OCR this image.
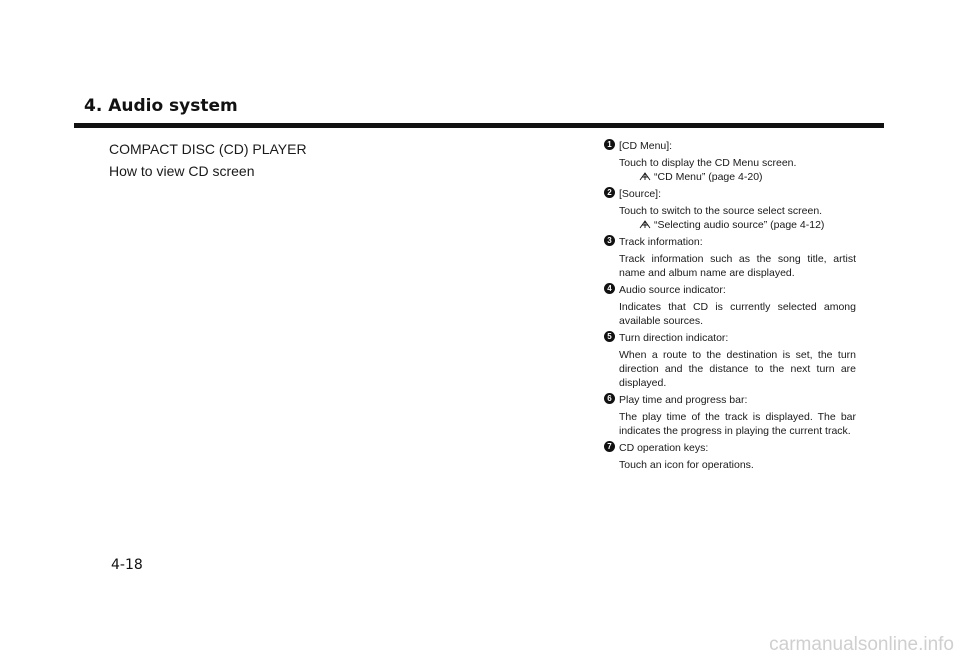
4. Audio system
COMPACT DISC (CD) PLAYER
How to view CD screen
1 [CD Menu]:
Touch to display the CD Menu screen.
“CD Menu” (page 4-20)
2 [Source]:
Touch to switch to the source select screen.
“Selecting audio source” (page 4-12)
3 Track information:
Track information such as the song title, artist name and album name are displayed.
4 Audio source indicator:
Indicates that CD is currently selected among available sources.
5 Turn direction indicator:
When a route to the destination is set, the turn direction and the distance to the next turn are displayed.
6 Play time and progress bar:
The play time of the track is displayed. The bar indicates the progress in playing the current track.
7 CD operation keys:
Touch an icon for operations.
4-18
carmanualsonline.info
